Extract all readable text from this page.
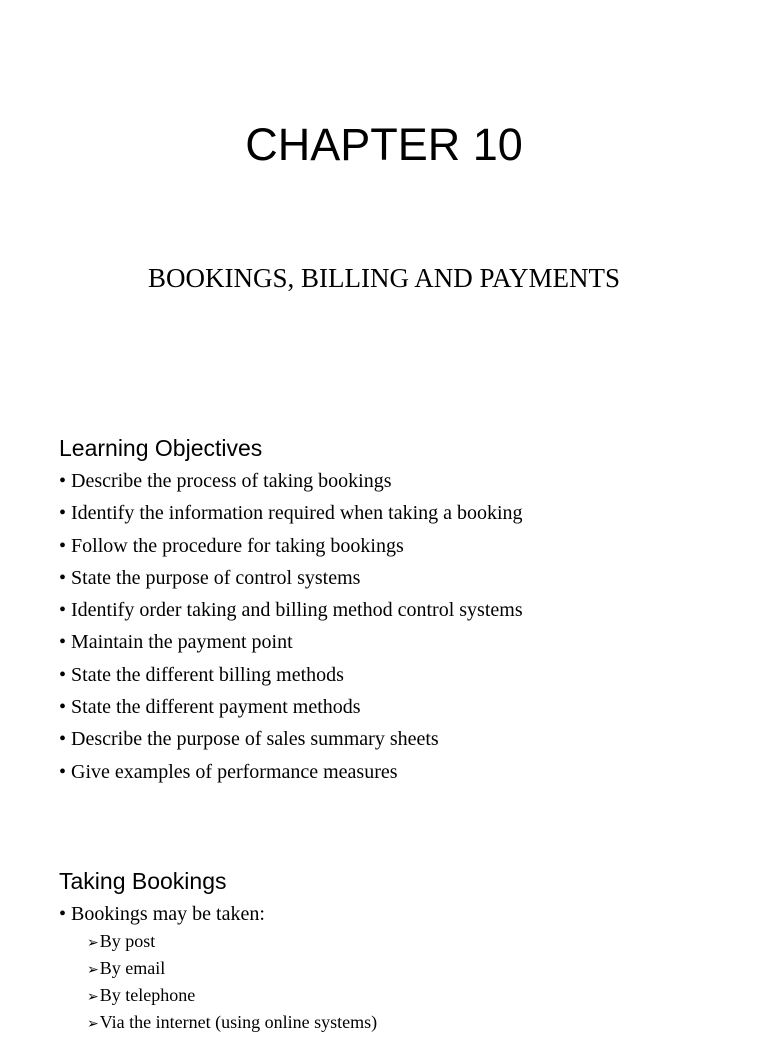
CHAPTER 10
BOOKINGS, BILLING AND PAYMENTS
Learning Objectives
• Describe the process of taking bookings
• Identify the information required when taking a booking
• Follow the procedure for taking bookings
• State the purpose of control systems
• Identify order taking and billing method control systems
• Maintain the payment point
• State the different billing methods
• State the different payment methods
• Describe the purpose of sales summary sheets
• Give examples of performance measures
Taking Bookings
• Bookings may be taken:
➢By post
➢By email
➢By telephone
➢Via the internet (using online systems)
